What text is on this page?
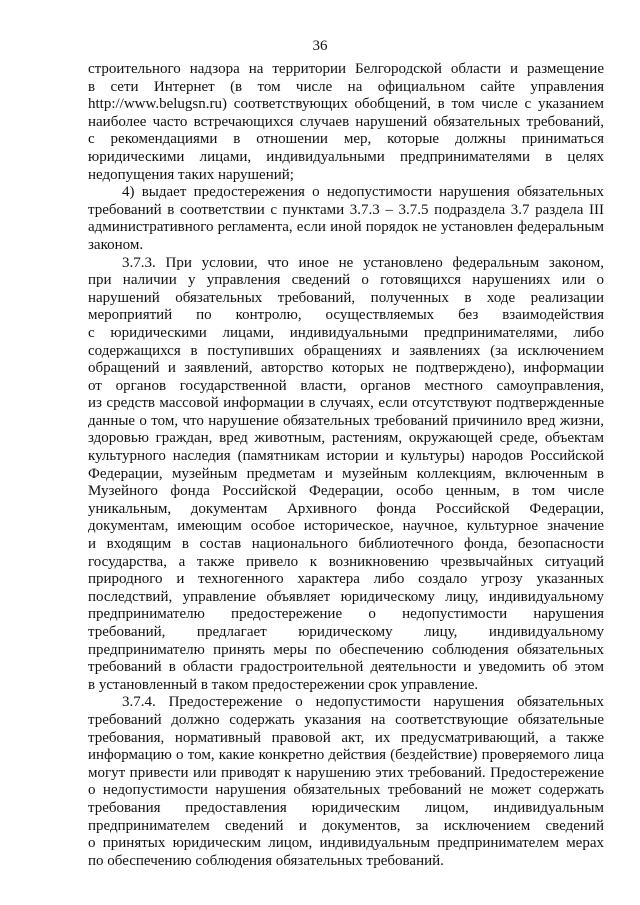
36
строительного надзора на территории Белгородской области и размещение
в сети Интернет (в том числе на официальном сайте управления
http://www.belugsn.ru) соответствующих обобщений, в том числе с указанием
наиболее часто встречающихся случаев нарушений обязательных требований,
с рекомендациями в отношении мер, которые должны приниматься
юридическими лицами, индивидуальными предпринимателями в целях
недопущения таких нарушений;
4) выдает предостережения о недопустимости нарушения обязательных
требований в соответствии с пунктами 3.7.3 – 3.7.5 подраздела 3.7 раздела III
административного регламента, если иной порядок не установлен федеральным
законом.
3.7.3. При условии, что иное не установлено федеральным законом,
при наличии у управления сведений о готовящихся нарушениях или о
нарушений обязательных требований, полученных в ходе реализации
мероприятий по контролю, осуществляемых без взаимодействия
с юридическими лицами, индивидуальными предпринимателями, либо
содержащихся в поступивших обращениях и заявлениях (за исключением
обращений и заявлений, авторство которых не подтверждено), информации
от органов государственной власти, органов местного самоуправления,
из средств массовой информации в случаях, если отсутствуют подтвержденные
данные о том, что нарушение обязательных требований причинило вред жизни,
здоровью граждан, вред животным, растениям, окружающей среде, объектам
культурного наследия (памятникам истории и культуры) народов Российской
Федерации, музейным предметам и музейным коллекциям, включенным в
Музейного фонда Российской Федерации, особо ценным, в том числе
уникальным, документам Архивного фонда Российской Федерации,
документам, имеющим особое историческое, научное, культурное значение
и входящим в состав национального библиотечного фонда, безопасности
государства, а также привело к возникновению чрезвычайных ситуаций
природного и техногенного характера либо создало угрозу указанных
последствий, управление объявляет юридическому лицу, индивидуальному
предпринимателю предостережение о недопустимости нарушения
требований, предлагает юридическому лицу, индивидуальному
предпринимателю принять меры по обеспечению соблюдения обязательных
требований в области градостроительной деятельности и уведомить об этом
в установленный в таком предостережении срок управление.
3.7.4. Предостережение о недопустимости нарушения обязательных
требований должно содержать указания на соответствующие обязательные
требования, нормативный правовой акт, их предусматривающий, а также
информацию о том, какие конкретно действия (бездействие) проверяемого лица
могут привести или приводят к нарушению этих требований. Предостережение
о недопустимости нарушения обязательных требований не может содержать
требования предоставления юридическим лицом, индивидуальным
предпринимателем сведений и документов, за исключением сведений
о принятых юридическим лицом, индивидуальным предпринимателем мерах
по обеспечению соблюдения обязательных требований.
